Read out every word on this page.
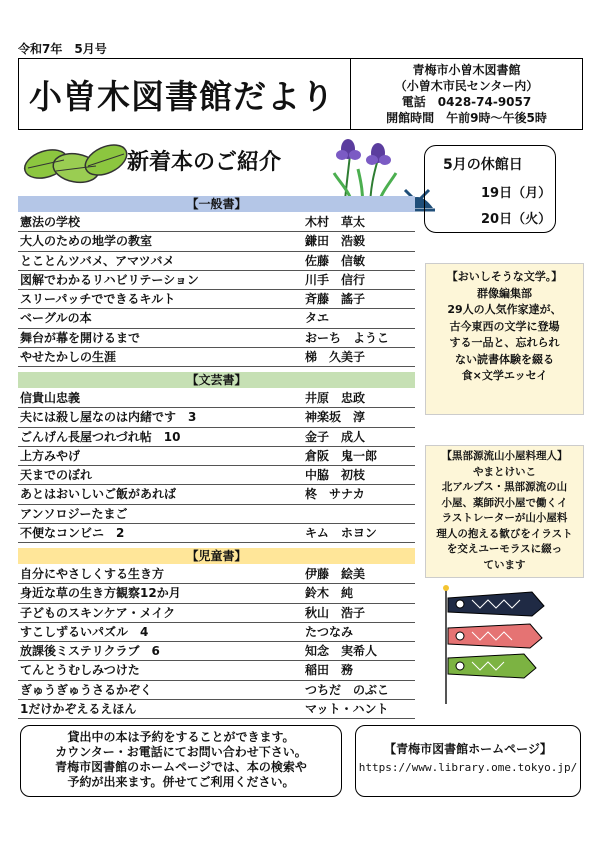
令和7年　5月号
小曽木図書館だより
青梅市小曽木図書館
（小曽木市民センター内）
電話　0428-74-9057
開館時間　午前9時～午後5時
新着本のご紹介	5月の休館日
19日（月）
20日（火）
【一般書】
憲法の学校	木村　草太
大人のための地学の教室	鎌田　浩毅
とことんツバメ、アマツバメ	佐藤　信敏
図解でわかるリハビリテーション	川手　信行
スリーパッチでできるキルト	斉藤　謠子
ベーグルの本	タエ
舞台が幕を開けるまで	おーち　ようこ
やせたかしの生涯	梯　久美子
【文芸書】
信貴山忠義	井原　忠政
夫には殺し屋なのは内緒です　3	神楽坂　淳
ごんげん長屋つれづれ帖　10	金子　成人
上方みやげ	倉阪　鬼一郎
天までのぼれ	中脇　初枝
あとはおいしいご飯があれば	柊　サナカ
アンソロジーたまご
不便なコンビニ　2	キム　ホヨン
【児童書】
自分にやさしくする生き方	伊藤　絵美
身近な草の生き方観察12か月	鈴木　純
子どものスキンケア・メイク	秋山　浩子
すこしずるいパズル　4	たつなみ
放課後ミステリクラブ　6	知念　実希人
てんとうむしみつけた	稲田　務
ぎゅうぎゅうさるかぞく	つちだ　のぶこ
1だけかぞえるえほん	マット・ハント
【おいしそうな文学。】
群像編集部
29人の人気作家達が、
古今東西の文学に登場
する一品と、忘れられ
ない読書体験を綴る
食×文学エッセイ
【黒部源流山小屋料理人】
やまとけいこ
北アルプス・黒部源流の山
小屋、薬師沢小屋で働くイ
ラストレーターが山小屋料
理人の抱える歓びをイラスト
を交えユーモラスに綴っ
ています
貸出中の本は予約をすることができます。
カウンター・お電話にてお問い合わせ下さい。
青梅市図書館のホームページでは、本の検索や
予約が出来ます。併せてご利用ください。
【青梅市図書館ホームページ】
https://www.library.ome.tokyo.jp/
